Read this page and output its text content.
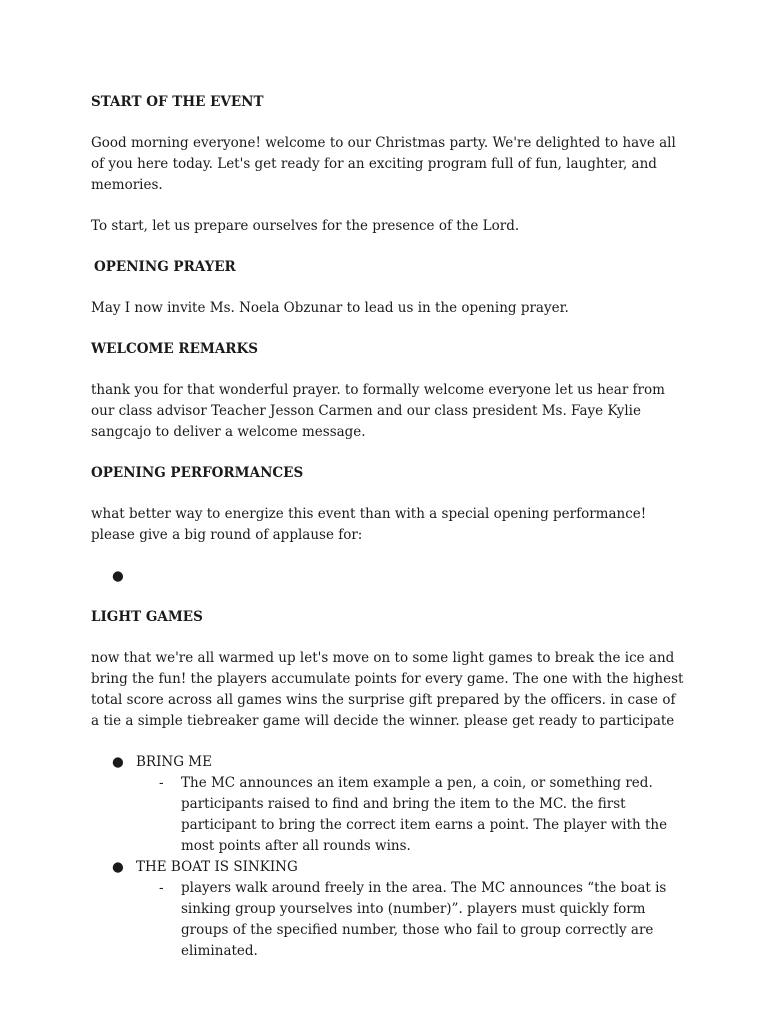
START OF THE EVENT

Good morning everyone! welcome to our Christmas party. We're delighted to have all of you here today. Let's get ready for an exciting program full of fun, laughter, and memories.

To start, let us prepare ourselves for the presence of the Lord.

OPENING PRAYER

May I now invite Ms. Noela Obzunar to lead us in the opening prayer.

WELCOME REMARKS

thank you for that wonderful prayer. to formally welcome everyone let us hear from our class advisor Teacher Jesson Carmen and our class president Ms. Faye Kylie sangcajo to deliver a welcome message.

OPENING PERFORMANCES

what better way to energize this event than with a special opening performance! please give a big round of applause for:

●
LIGHT GAMES

now that we're all warmed up let's move on to some light games to break the ice and bring the fun! the players accumulate points for every game. The one with the highest total score across all games wins the surprise gift prepared by the officers. in case of a tie a simple tiebreaker game will decide the winner. please get ready to participate

● BRING ME
- The MC announces an item example a pen, a coin, or something red. participants raised to find and bring the item to the MC. the first participant to bring the correct item earns a point. The player with the most points after all rounds wins.
● THE BOAT IS SINKING
- players walk around freely in the area. The MC announces “the boat is sinking group yourselves into (number)”. players must quickly form groups of the specified number, those who fail to group correctly are eliminated.
